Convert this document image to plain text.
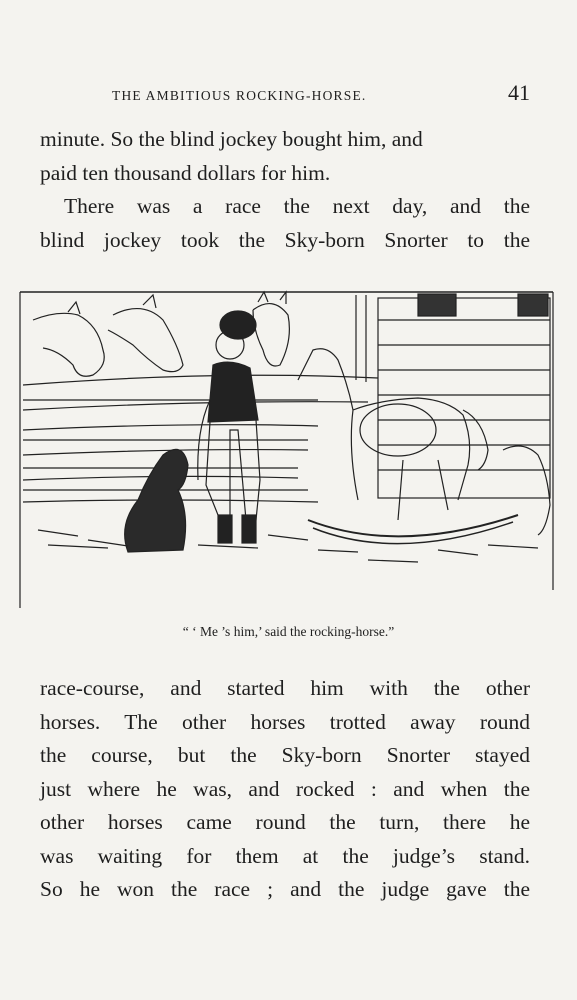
THE AMBITIOUS ROCKING-HORSE.	41
minute. So the blind jockey bought him, and
paid ten thousand dollars for him.
There was a race the next day, and the
blind jockey took the Sky-born Snorter to the
“ ‘ Me ’s him,’ said the rocking-horse.”
race-course, and started him with the other
horses. The other horses trotted away round
the course, but the Sky-born Snorter stayed
just where he was, and rocked : and when the
other horses came round the turn, there he
was waiting for them at the judge’s stand.
So he won the race ; and the judge gave the
